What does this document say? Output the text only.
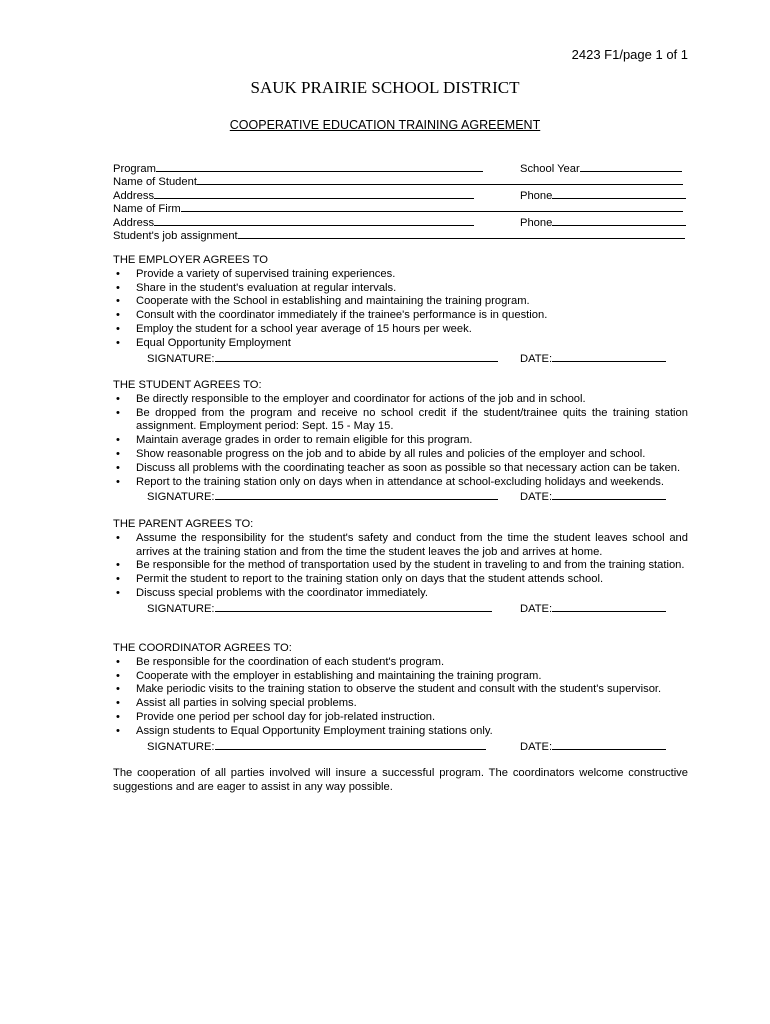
2423 F1/page 1 of 1
SAUK PRAIRIE SCHOOL DISTRICT
COOPERATIVE EDUCATION TRAINING AGREEMENT
Program	School Year
Name of Student
Address	Phone
Name of Firm
Address	Phone
Student's job assignment
THE EMPLOYER AGREES TO
• Provide a variety of supervised training experiences.
• Share in the student's evaluation at regular intervals.
• Cooperate with the School in establishing and maintaining the training program.
• Consult with the coordinator immediately if the trainee's performance is in question.
• Employ the student for a school year average of 15 hours per week.
• Equal Opportunity Employment
SIGNATURE:	DATE:
THE STUDENT AGREES TO:
• Be directly responsible to the employer and coordinator for actions of the job and in school.
• Be dropped from the program and receive no school credit if the student/trainee quits the training station assignment. Employment period: Sept. 15 - May 15.
• Maintain average grades in order to remain eligible for this program.
• Show reasonable progress on the job and to abide by all rules and policies of the employer and school.
• Discuss all problems with the coordinating teacher as soon as possible so that necessary action can be taken.
• Report to the training station only on days when in attendance at school-excluding holidays and weekends.
SIGNATURE:	DATE:
THE PARENT AGREES TO:
• Assume the responsibility for the student's safety and conduct from the time the student leaves school and arrives at the training station and from the time the student leaves the job and arrives at home.
• Be responsible for the method of transportation used by the student in traveling to and from the training station.
• Permit the student to report to the training station only on days that the student attends school.
• Discuss special problems with the coordinator immediately.
SIGNATURE:	DATE:
THE COORDINATOR AGREES TO:
• Be responsible for the coordination of each student's program.
• Cooperate with the employer in establishing and maintaining the training program.
• Make periodic visits to the training station to observe the student and consult with the student's supervisor.
• Assist all parties in solving special problems.
• Provide one period per school day for job-related instruction.
• Assign students to Equal Opportunity Employment training stations only.
SIGNATURE:	DATE:
The cooperation of all parties involved will insure a successful program. The coordinators welcome constructive suggestions and are eager to assist in any way possible.
